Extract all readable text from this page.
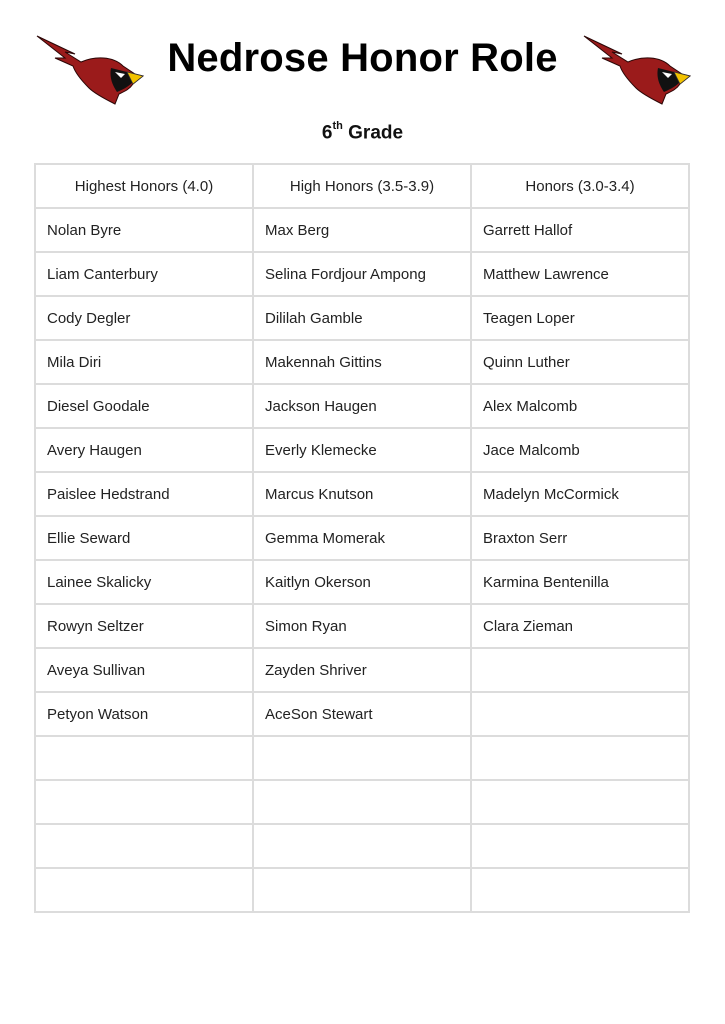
Nedrose Honor Role
6th Grade
Highest Honors (4.0)	High Honors (3.5-3.9)	Honors (3.0-3.4)
Nolan Byre	Max Berg	Garrett Hallof
Liam Canterbury	Selina Fordjour Ampong	Matthew Lawrence
Cody Degler	Dililah Gamble	Teagen Loper
Mila Diri	Makennah Gittins	Quinn Luther
Diesel Goodale	Jackson Haugen	Alex Malcomb
Avery Haugen	Everly Klemecke	Jace Malcomb
Paislee Hedstrand	Marcus Knutson	Madelyn McCormick
Ellie Seward	Gemma Momerak	Braxton Serr
Lainee Skalicky	Kaitlyn Okerson	Karmina Bentenilla
Rowyn Seltzer	Simon Ryan	Clara Zieman
Aveya Sullivan	Zayden Shriver	
Petyon Watson	AceSon Stewart	
